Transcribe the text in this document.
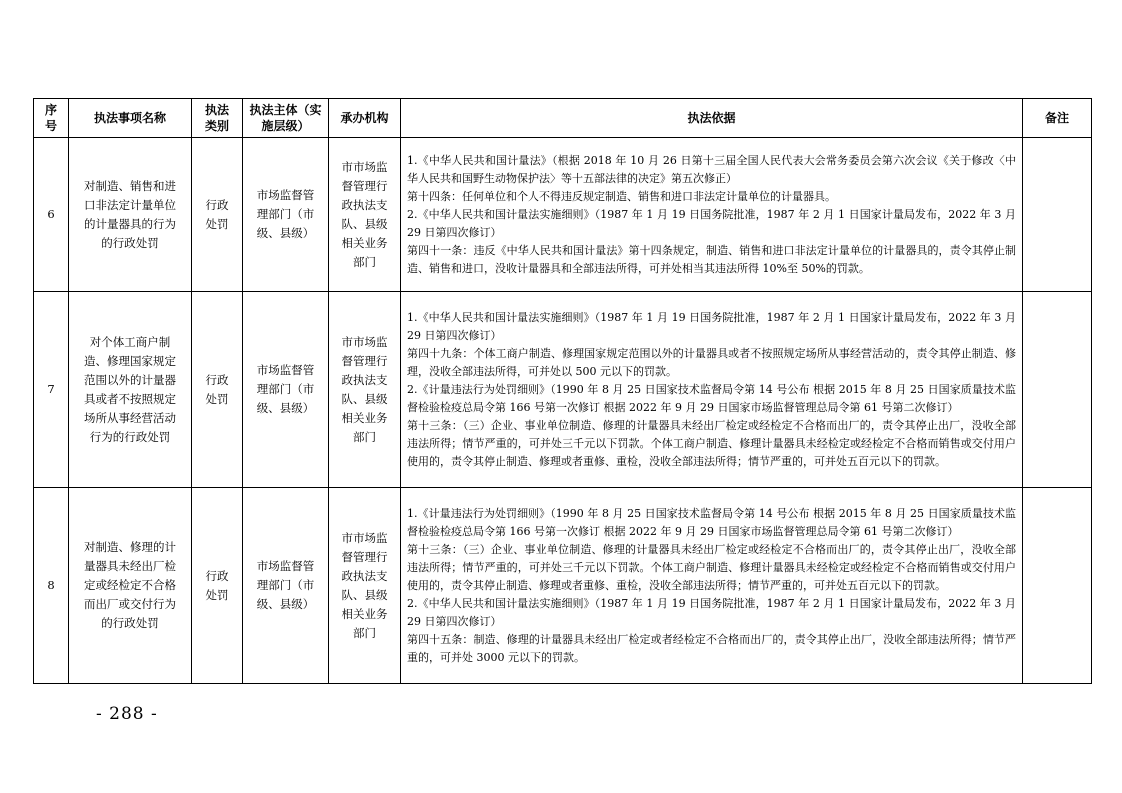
序号	执法事项名称	执法类别	执法主体（实施层级）	承办机构	执法依据	备注
6	对制造、销售和进口非法定计量单位的计量器具的行为的行政处罚	行政处罚	市场监督管理部门（市级、县级）	市市场监督管理行政执法支队、县级相关业务部门	1.《中华人民共和国计量法》（根据 2018 年 10 月 26 日第十三届全国人民代表大会常务委员会第六次会议《关于修改〈中华人民共和国野生动物保护法〉等十五部法律的决定》第五次修正）

第十四条：任何单位和个人不得违反规定制造、销售和进口非法定计量单位的计量器具。

2.《中华人民共和国计量法实施细则》（1987 年 1 月 19 日国务院批准，1987 年 2 月 1 日国家计量局发布，2022 年 3 月 29 日第四次修订）

第四十一条：违反《中华人民共和国计量法》第十四条规定，制造、销售和进口非法定计量单位的计量器具的，责令其停止制造、销售和进口，没收计量器具和全部违法所得，可并处相当其违法所得 10%至 50%的罚款。	

7	对个体工商户制造、修理国家规定范围以外的计量器具或者不按照规定场所从事经营活动行为的行政处罚	行政处罚	市场监督管理部门（市级、县级）	市市场监督管理行政执法支队、县级相关业务部门	1.《中华人民共和国计量法实施细则》（1987 年 1 月 19 日国务院批准，1987 年 2 月 1 日国家计量局发布，2022 年 3 月 29 日第四次修订）

第四十九条：个体工商户制造、修理国家规定范围以外的计量器具或者不按照规定场所从事经营活动的，责令其停止制造、修理，没收全部违法所得，可并处以 500 元以下的罚款。

2.《计量违法行为处罚细则》（1990 年 8 月 25 日国家技术监督局令第 14 号公布 根据 2015 年 8 月 25 日国家质量技术监督检验检疫总局令第 166 号第一次修订 根据 2022 年 9 月 29 日国家市场监督管理总局令第 61 号第二次修订）

第十三条：（三）企业、事业单位制造、修理的计量器具未经出厂检定或经检定不合格而出厂的，责令其停止出厂，没收全部违法所得；情节严重的，可并处三千元以下罚款。个体工商户制造、修理计量器具未经检定或经检定不合格而销售或交付用户使用的，责令其停止制造、修理或者重修、重检，没收全部违法所得；情节严重的，可并处五百元以下的罚款。	

8	对制造、修理的计量器具未经出厂检定或经检定不合格而出厂或交付行为的行政处罚	行政处罚	市场监督管理部门（市级、县级）	市市场监督管理行政执法支队、县级相关业务部门	1.《计量违法行为处罚细则》（1990 年 8 月 25 日国家技术监督局令第 14 号公布 根据 2015 年 8 月 25 日国家质量技术监督检验检疫总局令第 166 号第一次修订 根据 2022 年 9 月 29 日国家市场监督管理总局令第 61 号第二次修订）

第十三条：（三）企业、事业单位制造、修理的计量器具未经出厂检定或经检定不合格而出厂的，责令其停止出厂，没收全部违法所得；情节严重的，可并处三千元以下罚款。个体工商户制造、修理计量器具未经检定或经检定不合格而销售或交付用户使用的，责令其停止制造、修理或者重修、重检，没收全部违法所得；情节严重的，可并处五百元以下的罚款。

2.《中华人民共和国计量法实施细则》（1987 年 1 月 19 日国务院批准，1987 年 2 月 1 日国家计量局发布，2022 年 3 月 29 日第四次修订）

第四十五条：制造、修理的计量器具未经出厂检定或者经检定不合格而出厂的，责令其停止出厂，没收全部违法所得；情节严重的，可并处 3000 元以下的罚款。	

- 288 -
